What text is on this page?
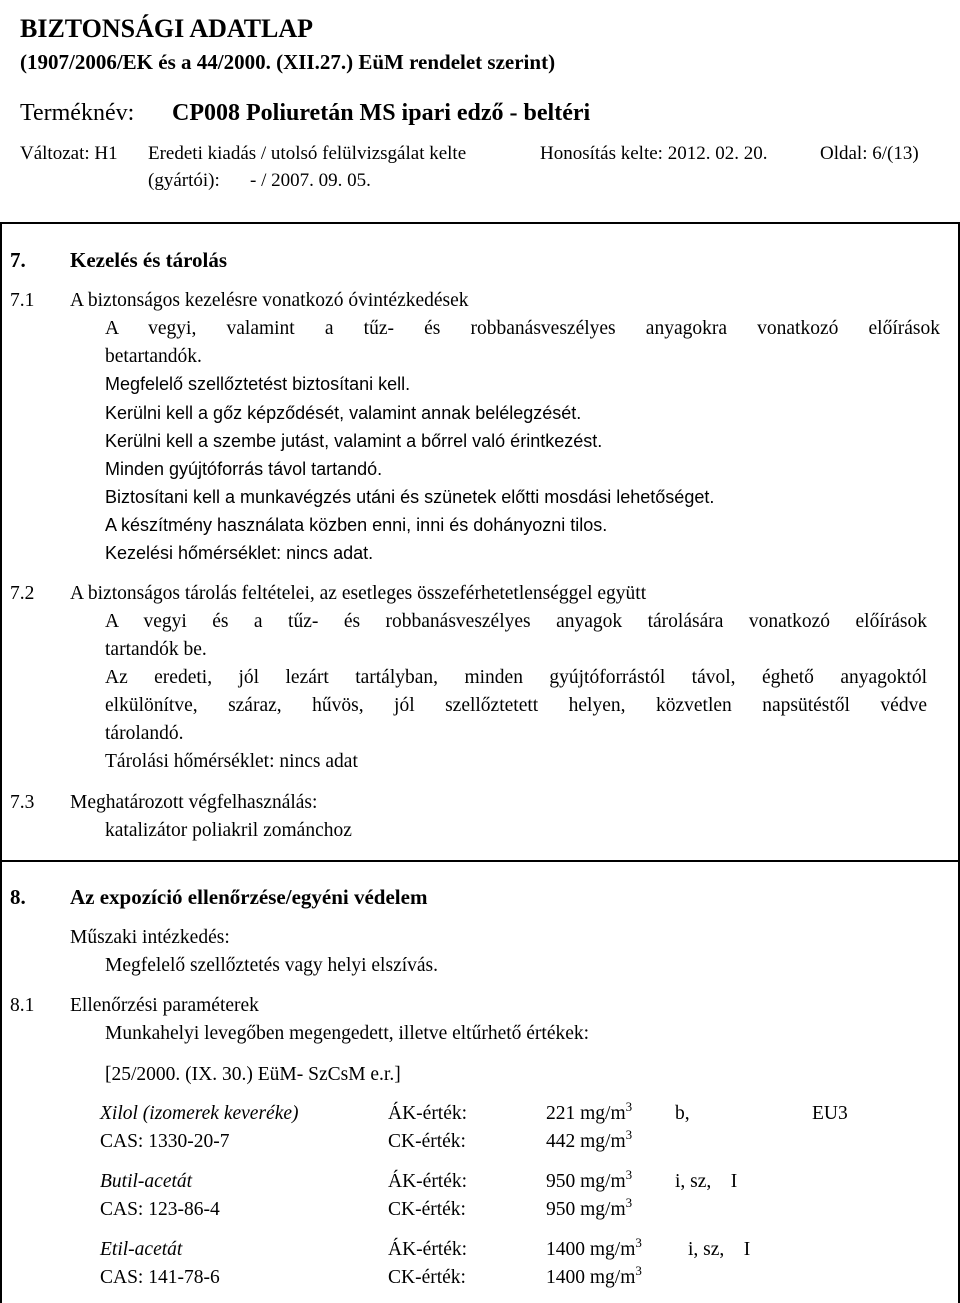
BIZTONSÁGI ADATLAP
(1907/2006/EK és a 44/2000. (XII.27.) EüM rendelet szerint)
Terméknév: CP008 Poliuretán MS ipari edző - beltéri
Változat: H1 Eredeti kiadás / utolsó felülvizsgálat kelte	Honosítás kelte: 2012. 02. 20.	Oldal: 6/(13)
(gyártói): - / 2007. 09. 05.
7. Kezelés és tárolás
7.1 A biztonságos kezelésre vonatkozó óvintézkedések
A vegyi, valamint a tűz- és robbanásveszélyes anyagokra vonatkozó előírások
betartandók.
Megfelelő szellőztetést biztosítani kell.
Kerülni kell a gőz képződését, valamint annak belélegzését.
Kerülni kell a szembe jutást, valamint a bőrrel való érintkezést.
Minden gyújtóforrás távol tartandó.
Biztosítani kell a munkavégzés utáni és szünetek előtti mosdási lehetőséget.
A készítmény használata közben enni, inni és dohányozni tilos.
Kezelési hőmérséklet: nincs adat.
7.2 A biztonságos tárolás feltételei, az esetleges összeférhetetlenséggel együtt
A vegyi és a tűz- és robbanásveszélyes anyagok tárolására vonatkozó előírások
tartandók be.
Az eredeti, jól lezárt tartályban, minden gyújtóforrástól távol, éghető anyagoktól
elkülönítve, száraz, hűvös, jól szellőztetett helyen, közvetlen napsütéstől védve
tárolandó.
Tárolási hőmérséklet: nincs adat
7.3 Meghatározott végfelhasználás:
katalizátor poliakril zománchoz
8. Az expozíció ellenőrzése/egyéni védelem
Műszaki intézkedés:
Megfelelő szellőztetés vagy helyi elszívás.
8.1 Ellenőrzési paraméterek
Munkahelyi levegőben megengedett, illetve eltűrhető értékek:
[25/2000. (IX. 30.) EüM- SzCsM e.r.]
Xilol (izomerek keveréke)	ÁK-érték:	221 $mg/m^3$ b,	EU3
CAS: 1330-20-7	CK-érték:	442 $mg/m^3$
Butil-acetát	ÁK-érték:	950 $mg/m^3$ i, sz,    I
CAS: 123-86-4	CK-érték:	950 $mg/m^3$
Etil-acetát	ÁK-érték:	1400 $mg/m^3$ i, sz,    I
CAS: 141-78-6	CK-érték:	1400 $mg/m^3$
